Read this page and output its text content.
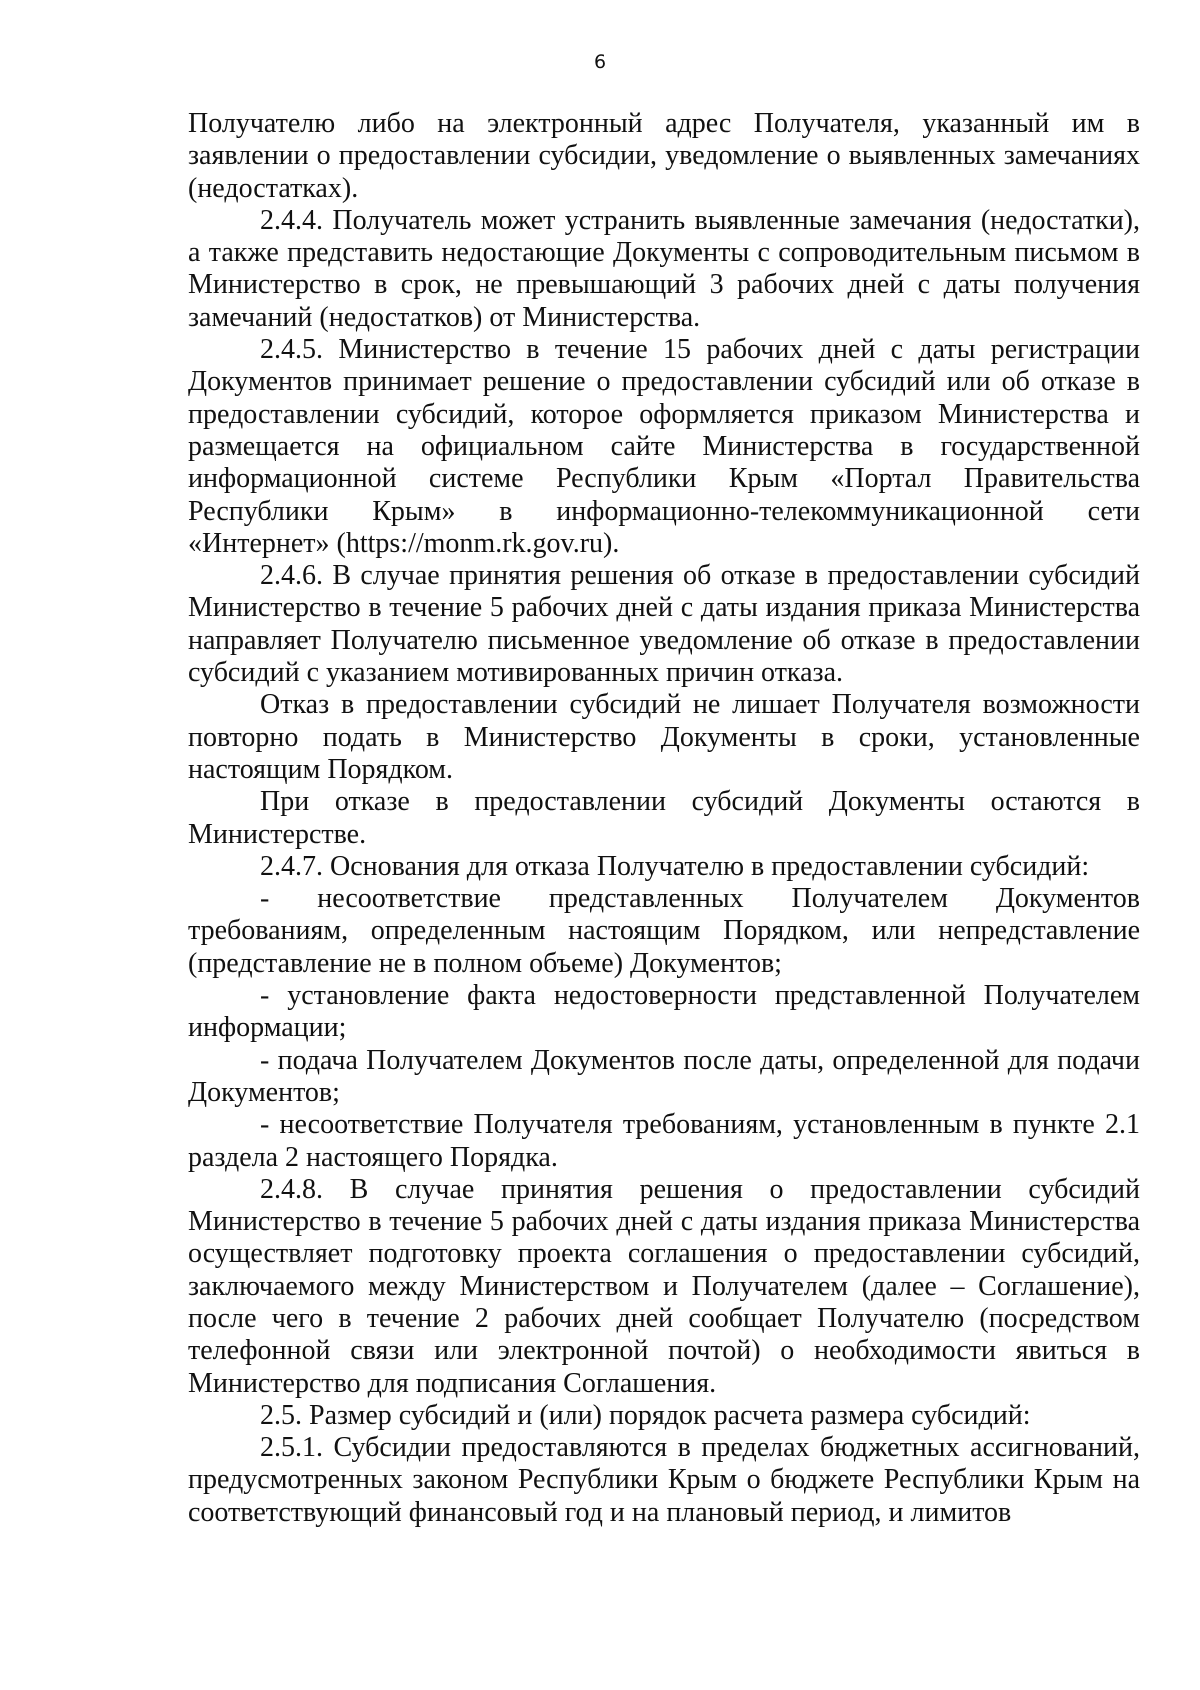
6

Получателю либо на электронный адрес Получателя, указанный им в заявлении о предоставлении субсидии, уведомление о выявленных замечаниях (недостатках).

2.4.4. Получатель может устранить выявленные замечания (недостатки), а также представить недостающие Документы с сопроводительным письмом в Министерство в срок, не превышающий 3 рабочих дней с даты получения замечаний (недостатков) от Министерства.

2.4.5. Министерство в течение 15 рабочих дней с даты регистрации Документов принимает решение о предоставлении субсидий или об отказе в предоставлении субсидий, которое оформляется приказом Министерства и размещается на официальном сайте Министерства в государственной информационной системе Республики Крым «Портал Правительства Республики Крым» в информационно-телекоммуникационной сети «Интернет» (https://monm.rk.gov.ru).

2.4.6. В случае принятия решения об отказе в предоставлении субсидий Министерство в течение 5 рабочих дней с даты издания приказа Министерства направляет Получателю письменное уведомление об отказе в предоставлении субсидий с указанием мотивированных причин отказа.

Отказ в предоставлении субсидий не лишает Получателя возможности повторно подать в Министерство Документы в сроки, установленные настоящим Порядком.

При отказе в предоставлении субсидий Документы остаются в Министерстве.

2.4.7. Основания для отказа Получателю в предоставлении субсидий:

- несоответствие представленных Получателем Документов требованиям, определенным настоящим Порядком, или непредставление (представление не в полном объеме) Документов;

- установление факта недостоверности представленной Получателем информации;

- подача Получателем Документов после даты, определенной для подачи Документов;

- несоответствие Получателя требованиям, установленным в пункте 2.1 раздела 2 настоящего Порядка.

2.4.8. В случае принятия решения о предоставлении субсидий Министерство в течение 5 рабочих дней с даты издания приказа Министерства осуществляет подготовку проекта соглашения о предоставлении субсидий, заключаемого между Министерством и Получателем (далее – Соглашение), после чего в течение 2 рабочих дней сообщает Получателю (посредством телефонной связи или электронной почтой) о необходимости явиться в Министерство для подписания Соглашения.

2.5. Размер субсидий и (или) порядок расчета размера субсидий:

2.5.1. Субсидии предоставляются в пределах бюджетных ассигнований, предусмотренных законом Республики Крым о бюджете Республики Крым на соответствующий финансовый год и на плановый период, и лимитов
